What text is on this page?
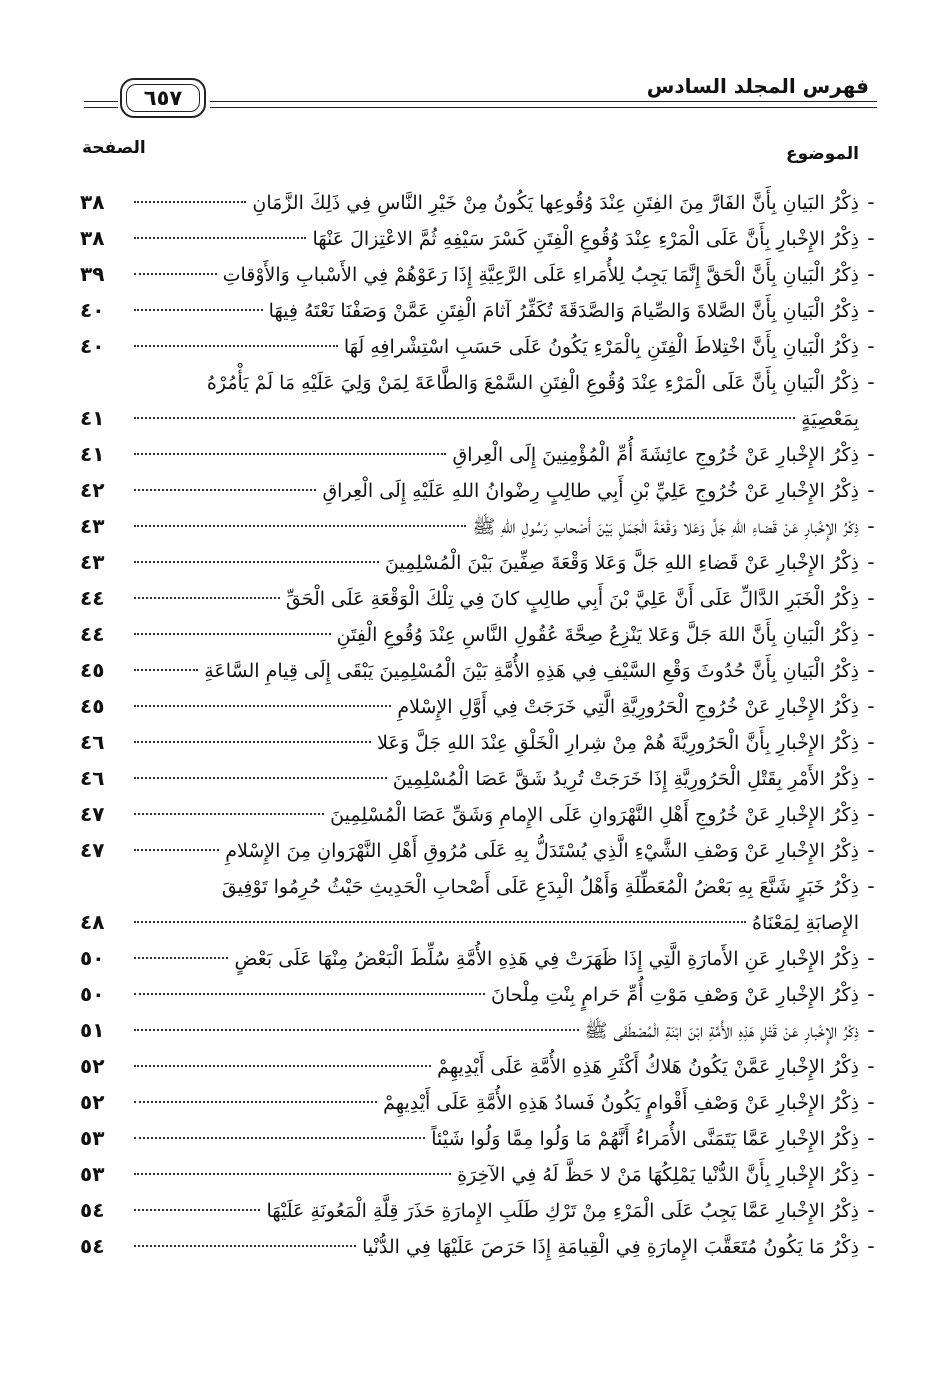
فهرس المجلد السادس
٦٥٧
الموضوع
الصفحة
-
ذِكْرُ البَيانِ بِأَنَّ الفَارَّ مِنَ الفِتَنِ عِنْدَ وُقُوعِها يَكُونُ مِنْ خَيْرِ النَّاسِ فِي ذَلِكَ الزَّمَانِ
٣٨
-
ذِكْرُ الإِخْبارِ بِأَنَّ عَلَى الْمَرْءِ عِنْدَ وُقُوعِ الْفِتَنِ كَسْرَ سَيْفِهِ ثُمَّ الاعْتِزالَ عَنْهَا
٣٨
-
ذِكْرُ الْبَيانِ بِأَنَّ الْحَقَّ إِنَّمَا يَجِبُ لِلأُمَراءِ عَلَى الرَّعِيَّةِ إِذَا رَعَوْهُمْ فِي الأَسْبابِ وَالأَوْقاتِ
٣٩
-
ذِكْرُ الْبَيانِ بِأَنَّ الصَّلاةَ وَالصِّيامَ وَالصَّدَقَةَ تُكَفِّرُ آثامَ الْفِتَنِ عَمَّنْ وَصَفْنَا نَعْتَهُ فِيهَا
٤٠
-
ذِكْرُ الْبَيانِ بِأَنَّ اخْتِلاطَ الْفِتَنِ بِالْمَرْءِ يَكُونُ عَلَى حَسَبِ اسْتِشْرافِهِ لَهَا
٤٠
-
ذِكْرُ الْبَيانِ بِأَنَّ عَلَى الْمَرْءِ عِنْدَ وُقُوعِ الْفِتَنِ السَّمْعَ وَالطَّاعَةَ لِمَنْ وَلِيَ عَلَيْهِ مَا لَمْ يَأْمُرْهُ
بِمَعْصِيَةٍ
٤١
-
ذِكْرُ الإِخْبارِ عَنْ خُرُوجِ عائِشَةَ أُمِّ الْمُؤْمِنِينَ إِلَى الْعِراقِ
٤١
-
ذِكْرُ الإِخْبارِ عَنْ خُرُوجِ عَلِيِّ بْنِ أَبِي طالِبٍ رِضْوانُ اللهِ عَلَيْهِ إِلَى الْعِراقِ
٤٢
-
ذِكْرُ الإِخْبارِ عَنْ قَضاءِ اللهِ جَلَّ وَعَلا وَقْعَةَ الْجَمَلِ بَيْنَ أَصْحابِ رَسُولِ اللهِ ﷺ
٤٣
-
ذِكْرُ الإِخْبارِ عَنْ قَضاءِ اللهِ جَلَّ وَعَلا وَقْعَةَ صِفِّينَ بَيْنَ الْمُسْلِمِينَ
٤٣
-
ذِكْرُ الْخَبَرِ الدَّالِّ عَلَى أَنَّ عَلِيَّ بْنَ أَبِي طالِبٍ كانَ فِي تِلْكَ الْوَقْعَةِ عَلَى الْحَقِّ
٤٤
-
ذِكْرُ الْبَيانِ بِأَنَّ اللهَ جَلَّ وَعَلا يَنْزِعُ صِحَّةَ عُقُولِ النَّاسِ عِنْدَ وُقُوعِ الْفِتَنِ
٤٤
-
ذِكْرُ الْبَيانِ بِأَنَّ حُدُوثَ وَقْعِ السَّيْفِ فِي هَذِهِ الأُمَّةِ بَيْنَ الْمُسْلِمِينَ يَبْقَى إِلَى قِيامِ السَّاعَةِ
٤٥
-
ذِكْرُ الإِخْبارِ عَنْ خُرُوجِ الْحَرُورِيَّةِ الَّتِي خَرَجَتْ فِي أَوَّلِ الإِسْلامِ
٤٥
-
ذِكْرُ الإِخْبارِ بِأَنَّ الْحَرُورِيَّةَ هُمْ مِنْ شِرارِ الْخَلْقِ عِنْدَ اللهِ جَلَّ وَعَلا
٤٦
-
ذِكْرُ الأَمْرِ بِقَتْلِ الْحَرُورِيَّةِ إِذَا خَرَجَتْ تُرِيدُ شَقَّ عَصَا الْمُسْلِمِينَ
٤٦
-
ذِكْرُ الإِخْبارِ عَنْ خُرُوجِ أَهْلِ النَّهْرَوانِ عَلَى الإِمامِ وَشَقِّ عَصَا الْمُسْلِمِينَ
٤٧
-
ذِكْرُ الإِخْبارِ عَنْ وَصْفِ الشَّيْءِ الَّذِي يُسْتَدَلُّ بِهِ عَلَى مُرُوقِ أَهْلِ النَّهْرَوانِ مِنَ الإِسْلامِ
٤٧
-
ذِكْرُ خَبَرٍ شَنَّعَ بِهِ بَعْضُ الْمُعَطِّلَةِ وَأَهْلُ الْبِدَعِ عَلَى أَصْحابِ الْحَدِيثِ حَيْثُ حُرِمُوا تَوْفِيقَ
الإِصابَةِ لِمَعْنَاهُ
٤٨
-
ذِكْرُ الإِخْبارِ عَنِ الأَمارَةِ الَّتِي إِذَا ظَهَرَتْ فِي هَذِهِ الأُمَّةِ سُلِّطَ الْبَعْضُ مِنْهَا عَلَى بَعْضٍ
٥٠
-
ذِكْرُ الإِخْبارِ عَنْ وَصْفِ مَوْتِ أُمِّ حَرامٍ بِنْتِ مِلْحانَ
٥٠
-
ذِكْرُ الإِخْبارِ عَنْ قَتْلِ هَذِهِ الأُمَّةِ ابْنَ ابْنَةِ الْمُصْطَفَى ﷺ
٥١
-
ذِكْرُ الإِخْبارِ عَمَّنْ يَكُونُ هَلاكُ أَكْثَرِ هَذِهِ الأُمَّةِ عَلَى أَيْدِيهِمْ
٥٢
-
ذِكْرُ الإِخْبارِ عَنْ وَصْفِ أَقْوامٍ يَكُونُ فَسادُ هَذِهِ الأُمَّةِ عَلَى أَيْدِيهِمْ
٥٢
-
ذِكْرُ الإِخْبارِ عَمَّا يَتَمَنَّى الأُمَراءُ أَنَّهُمْ مَا وَلُوا مِمَّا وَلُوا شَيْئاً
٥٣
-
ذِكْرُ الإِخْبارِ بِأَنَّ الدُّنْيا يَمْلِكُهَا مَنْ لا حَظَّ لَهُ فِي الآخِرَةِ
٥٣
-
ذِكْرُ الإِخْبارِ عَمَّا يَجِبُ عَلَى الْمَرْءِ مِنْ تَرْكِ طَلَبِ الإِمارَةِ حَذَرَ قِلَّةِ الْمَعُونَةِ عَلَيْهَا
٥٤
-
ذِكْرُ مَا يَكُونُ مُتَعَقَّبَ الإِمارَةِ فِي الْقِيامَةِ إِذَا حَرَصَ عَلَيْهَا فِي الدُّنْيا
٥٤
